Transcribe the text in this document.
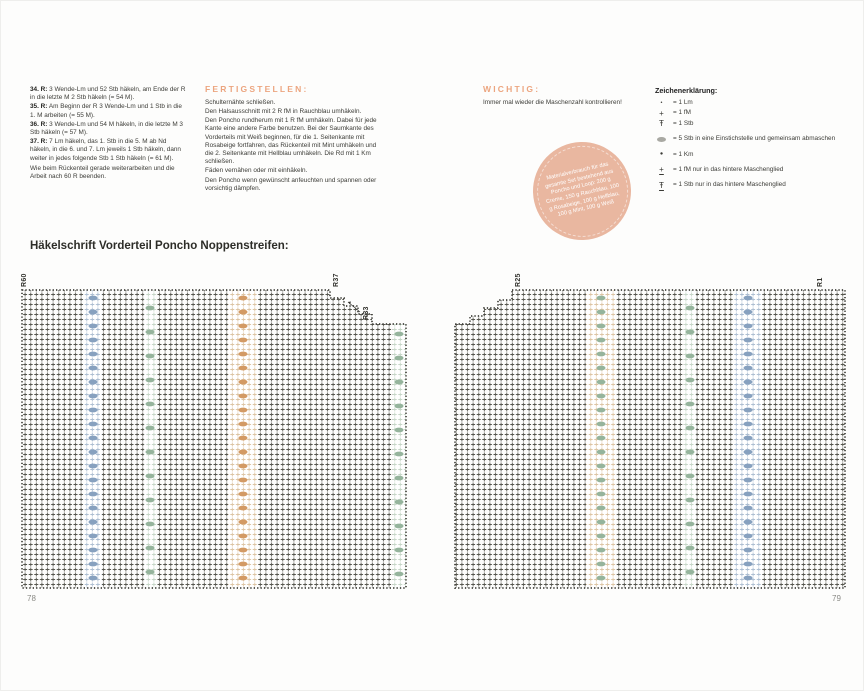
34. R: 3 Wende-Lm und 52 Stb häkeln, am Ende der R in die letzte M 2 Stb häkeln (= 54 M).

35. R: Am Beginn der R 3 Wende-Lm und 1 Stb in die 1. M arbeiten (= 55 M).

36. R: 3 Wende-Lm und 54 M häkeln, in die letzte M 3 Stb häkeln (= 57 M).

37. R: 7 Lm häkeln, das 1. Stb in die 5. M ab Nd häkeln, in die 6. und 7. Lm jeweils 1 Stb häkeln, dann weiter in jedes folgende Stb 1 Stb häkeln (= 61 M).

Wie beim Rückenteil gerade weiterarbeiten und die Arbeit nach 60 R beenden.

FERTIGSTELLEN:

Schulternähte schließen.

Den Halsausschnitt mit 2 R fM in Rauchblau umhäkeln.

Den Poncho rundherum mit 1 R fM umhäkeln. Dabei für jede Kante eine andere Farbe benutzen. Bei der Saumkante des Vorderteils mit Weiß beginnen, für die 1. Seitenkante mit Rosabeige fortfahren, das Rückenteil mit Mint umhäkeln und die 2. Seitenkante mit Hellblau umhäkeln. Die Rd mit 1 Km schließen.

Fäden vernähen oder mit einhäkeln.

Den Poncho wenn gewünscht anfeuchten und spannen oder vorsichtig dämpfen.

WICHTIG:

Immer mal wieder die Maschenzahl kontrollieren!

Materialverbrauch für das gesamte Set bestehend aus Poncho und Loop: 200 g Creme, 150 g Rauchblau, 100 g Rosabeige, 100 g Hellblau, 100 g Mint, 100 g Weiß
Zeichenerklärung:
•	= 1 Lm
+	= 1 fM
Ŧ	= 1 Stb
= 5 Stb in eine Einstichstelle und gemeinsam abmaschen
●	= 1 Km
+	= 1 fM nur in das hintere Maschenglied
Ŧ	= 1 Stb nur in das hintere Maschenglied
Häkelschrift Vorderteil Poncho Noppenstreifen:
R60	R37
R33
R25	R1
78	79
